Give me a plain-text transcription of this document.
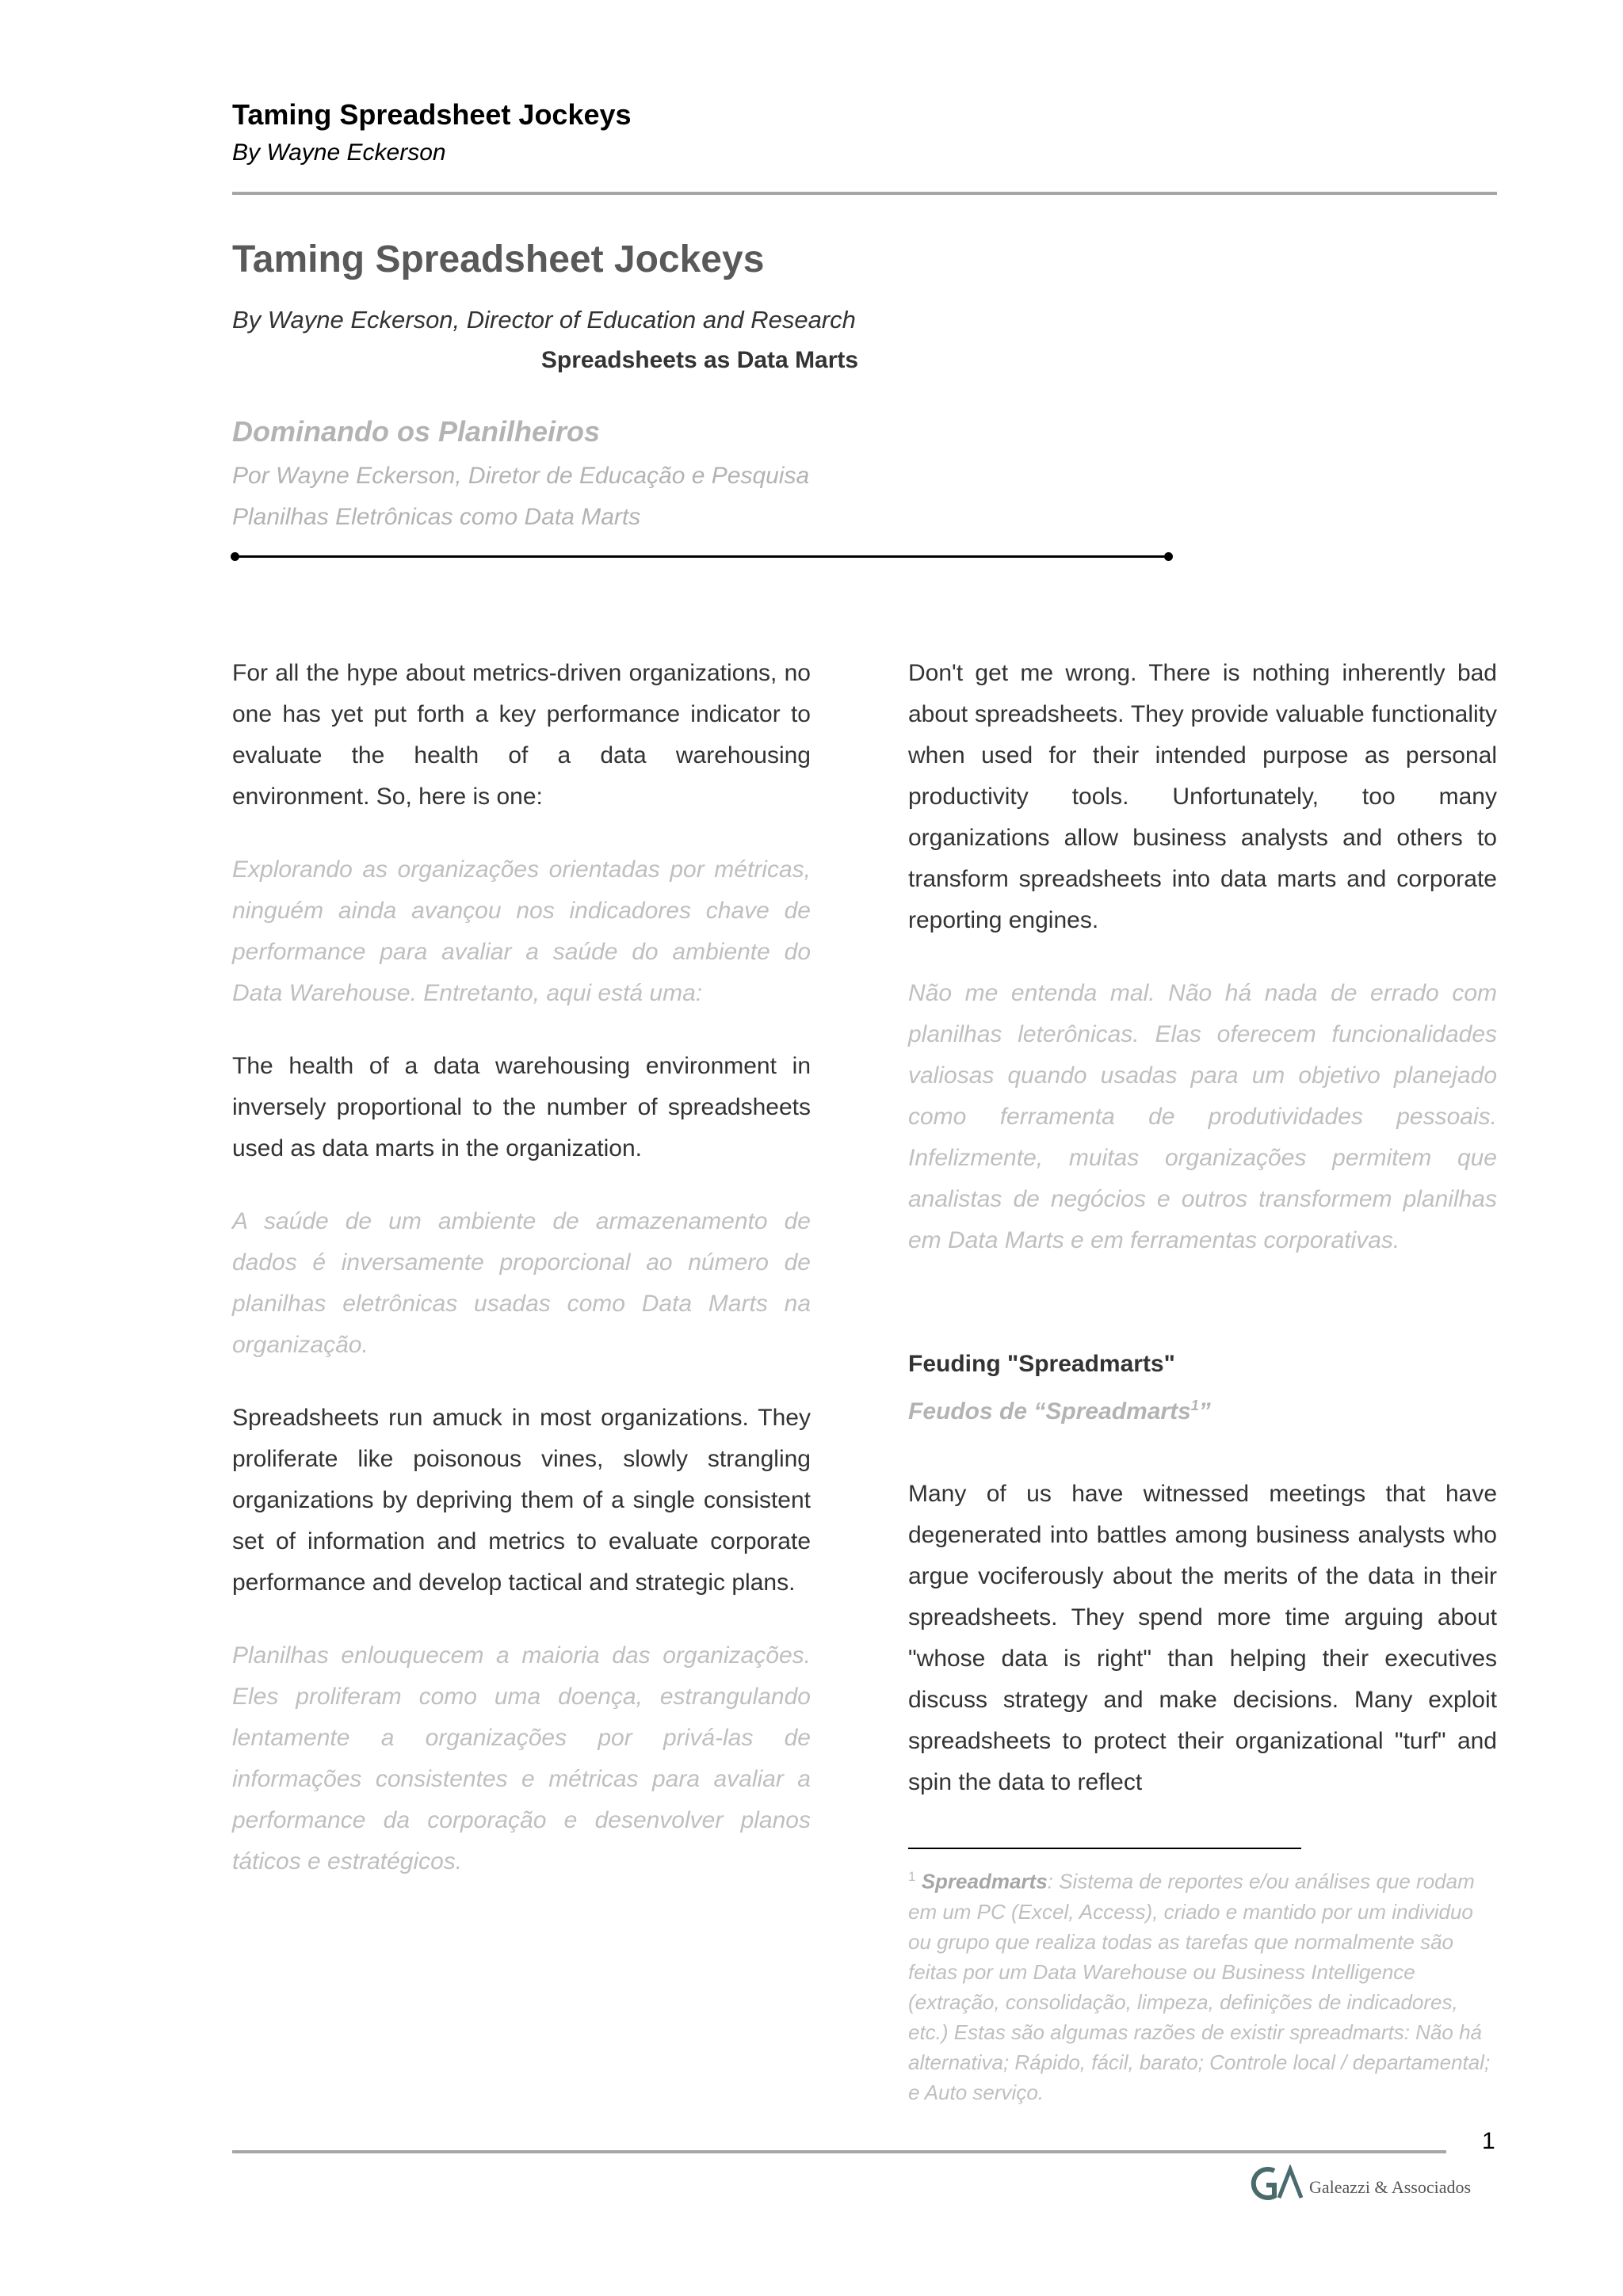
Taming Spreadsheet Jockeys
By Wayne Eckerson
Taming Spreadsheet Jockeys
By Wayne Eckerson, Director of Education and Research
Spreadsheets as Data Marts
Dominando os Planilheiros
Por Wayne Eckerson, Diretor de Educação e Pesquisa
Planilhas Eletrônicas como Data Marts

For all the hype about metrics-driven organizations, no one has yet put forth a key performance indicator to evaluate the health of a data warehousing environment. So, here is one:

Explorando as organizações orientadas por métricas, ninguém ainda avançou nos indicadores chave de performance para avaliar a saúde do ambiente do Data Warehouse. Entretanto, aqui está uma:

The health of a data warehousing environment in inversely proportional to the number of spreadsheets used as data marts in the organization.

A saúde de um ambiente de armazenamento de dados é inversamente proporcional ao número de planilhas eletrônicas usadas como Data Marts na organização.

Spreadsheets run amuck in most organizations. They proliferate like poisonous vines, slowly strangling organizations by depriving them of a single consistent set of information and metrics to evaluate corporate performance and develop tactical and strategic plans.

Planilhas enlouquecem a maioria das organizações. Eles proliferam como uma doença, estrangulando lentamente a organizações por privá-las de informações consistentes e métricas para avaliar a performance da corporação e desenvolver planos táticos e estratégicos.

Don't get me wrong. There is nothing inherently bad about spreadsheets. They provide valuable functionality when used for their intended purpose as personal productivity tools. Unfortunately, too many organizations allow business analysts and others to transform spreadsheets into data marts and corporate reporting engines.

Não me entenda mal. Não há nada de errado com planilhas leterônicas. Elas oferecem funcionalidades valiosas quando usadas para um objetivo planejado como ferramenta de produtividades pessoais. Infelizmente, muitas organizações permitem que analistas de negócios e outros transformem planilhas em Data Marts e em ferramentas corporativas.

Feuding "Spreadmarts"
Feudos de “Spreadmarts$^1$”

Many of us have witnessed meetings that have degenerated into battles among business analysts who argue vociferously about the merits of the data in their spreadsheets. They spend more time arguing about "whose data is right" than helping their executives discuss strategy and make decisions. Many exploit spreadsheets to protect their organizational "turf" and spin the data to reflect

$^1$ Spreadmarts: Sistema de reportes e/ou análises que rodam em um PC (Excel, Access), criado e mantido por um individuo ou grupo que realiza todas as tarefas que normalmente são feitas por um Data Warehouse ou Business Intelligence (extração, consolidação, limpeza, definições de indicadores, etc.) Estas são algumas razões de existir spreadmarts: Não há alternativa; Rápido, fácil, barato; Controle local / departamental; e Auto serviço.
1
Galeazzi & Associados
